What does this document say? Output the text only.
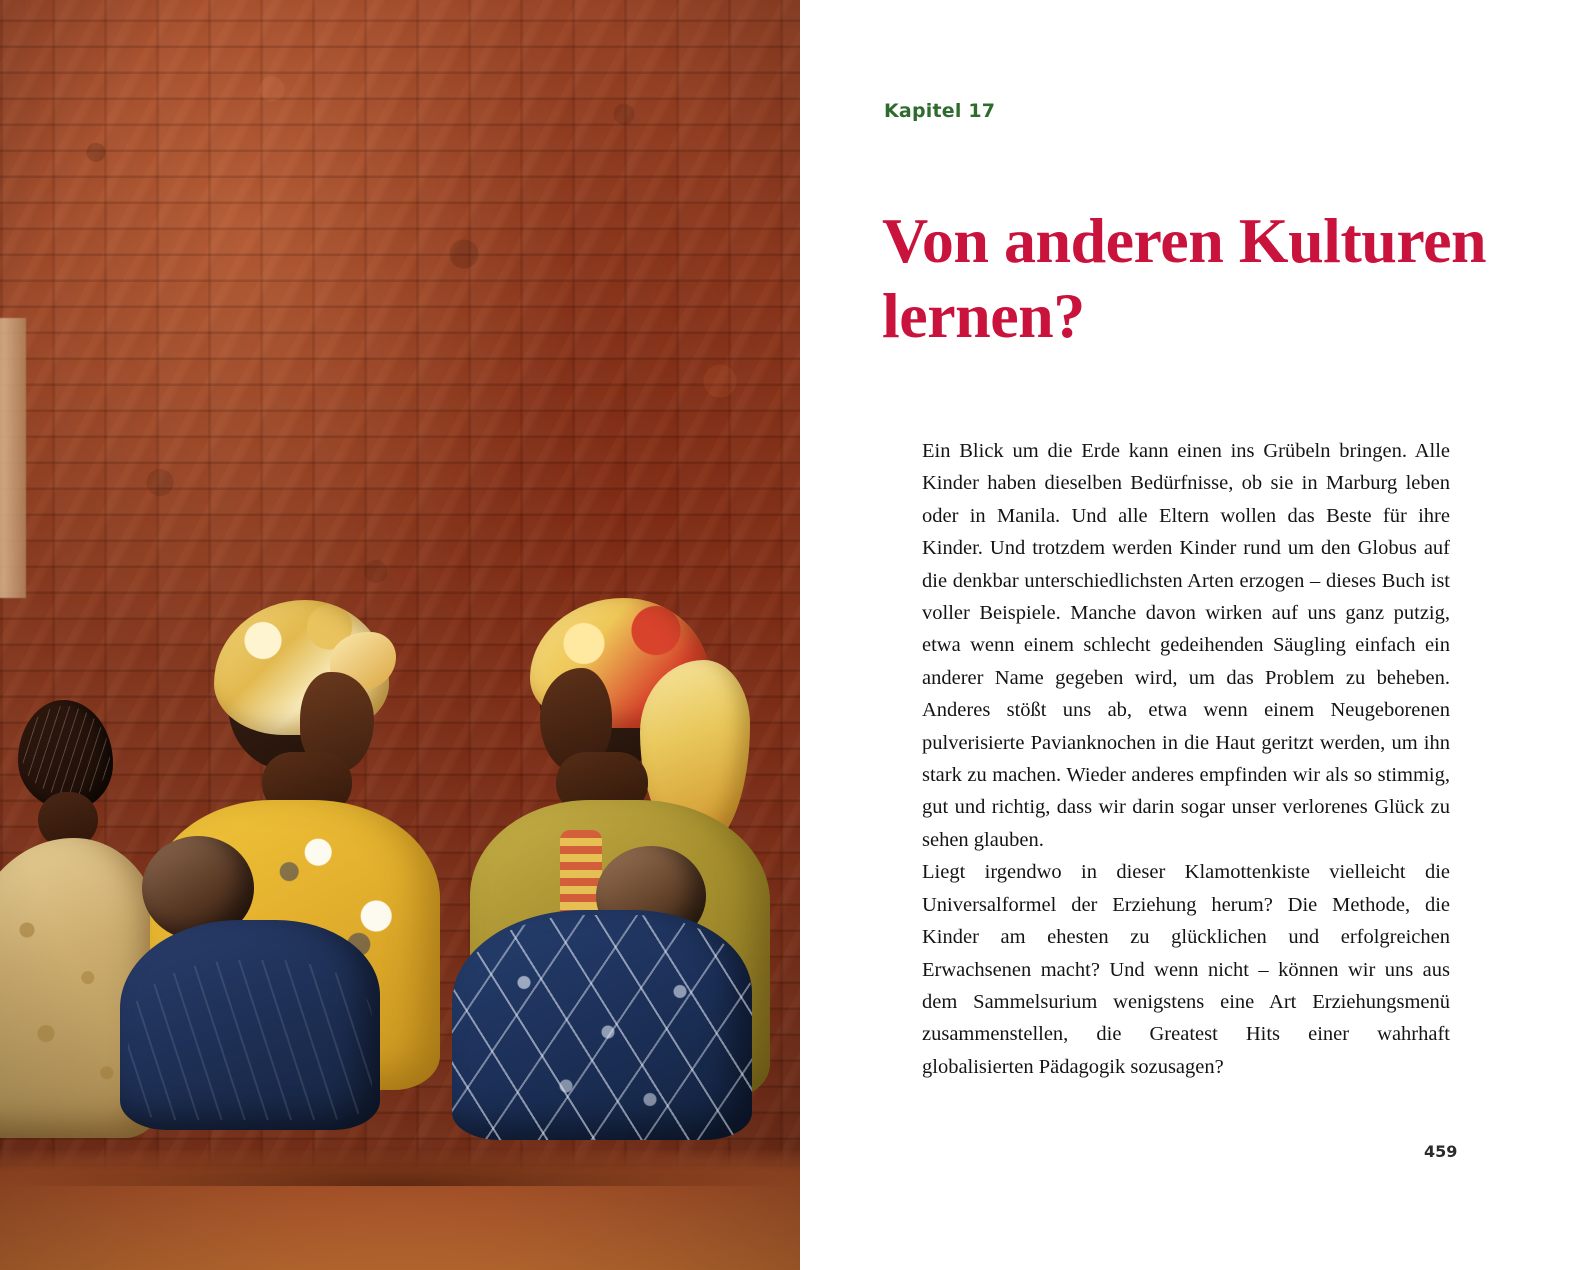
Kapitel 17
Von anderen Kulturen lernen?

Ein Blick um die Erde kann einen ins Grübeln bringen. Alle Kinder haben dieselben Bedürfnisse, ob sie in Marburg leben oder in Manila. Und alle Eltern wollen das Beste für ihre Kinder. Und trotzdem werden Kinder rund um den Globus auf die denkbar unterschiedlichsten Arten erzogen – dieses Buch ist voller Beispiele. Manche davon wirken auf uns ganz putzig, etwa wenn einem schlecht gedeihenden Säugling einfach ein anderer Name gegeben wird, um das Problem zu beheben. Anderes stößt uns ab, etwa wenn einem Neugeborenen pulverisierte Pavianknochen in die Haut geritzt werden, um ihn stark zu machen. Wieder anderes empfinden wir als so stimmig, gut und richtig, dass wir darin sogar unser verlorenes Glück zu sehen glauben.

Liegt irgendwo in dieser Klamottenkiste vielleicht die Universalformel der Erziehung herum? Die Methode, die Kinder am ehesten zu glücklichen und erfolgreichen Erwachsenen macht? Und wenn nicht – können wir uns aus dem Sammelsurium wenigstens eine Art Erziehungsmenü zusammenstellen, die Greatest Hits einer wahrhaft globalisierten Pädagogik sozusagen?

459
